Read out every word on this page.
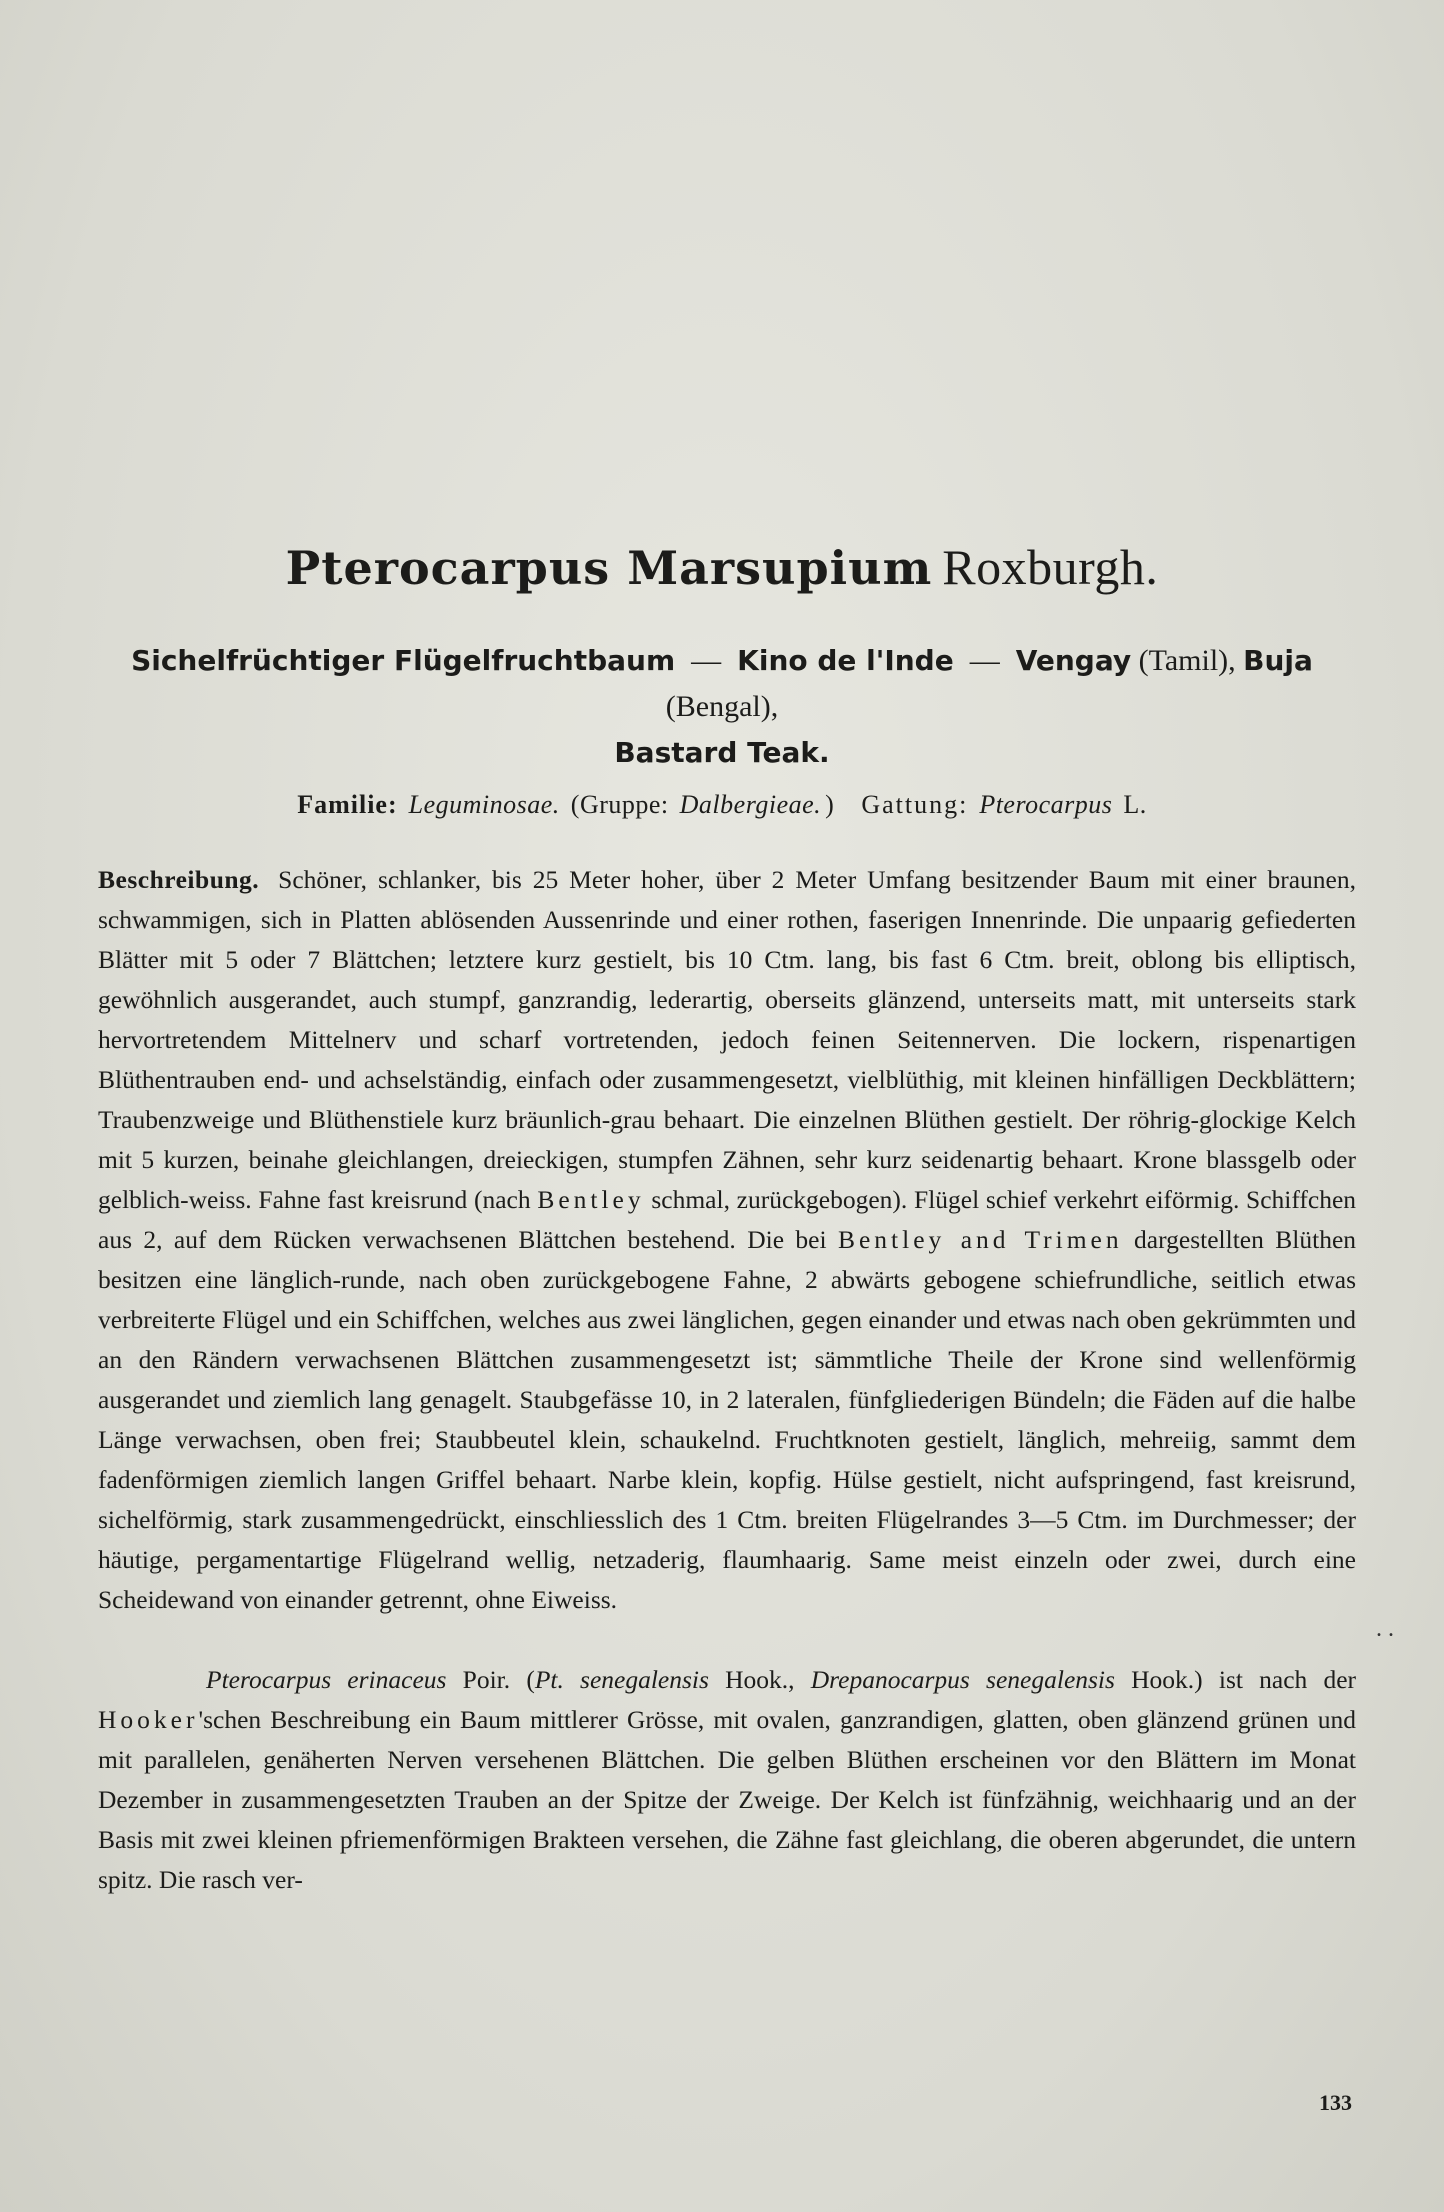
Pterocarpus Marsupium Roxburgh.
Sichelfrüchtiger Flügelfruchtbaum — Kino de l'Inde — Vengay (Tamil), Buja (Bengal),
Bastard Teak.
Familie: Leguminosae. (Gruppe: Dalbergieae. ) Gattung: Pterocarpus L.

Beschreibung. Schöner, schlanker, bis 25 Meter hoher, über 2 Meter Umfang besitzender Baum mit einer braunen, schwammigen, sich in Platten ablösenden Aussenrinde und einer rothen, faserigen Innenrinde. Die unpaarig gefiederten Blätter mit 5 oder 7 Blättchen; letztere kurz gestielt, bis 10 Ctm. lang, bis fast 6 Ctm. breit, oblong bis elliptisch, gewöhnlich ausgerandet, auch stumpf, ganzrandig, lederartig, oberseits glänzend, unterseits matt, mit unterseits stark hervortretendem Mittelnerv und scharf vortretenden, jedoch feinen Seitennerven. Die lockern, rispenartigen Blüthentrauben end- und achselständig, einfach oder zusammengesetzt, vielblüthig, mit kleinen hinfälligen Deckblättern; Traubenzweige und Blüthenstiele kurz bräunlich-grau behaart. Die einzelnen Blüthen gestielt. Der röhrig-glockige Kelch mit 5 kurzen, beinahe gleichlangen, dreieckigen, stumpfen Zähnen, sehr kurz seidenartig behaart. Krone blassgelb oder gelblich-weiss. Fahne fast kreisrund (nach Bentley schmal, zurückgebogen). Flügel schief verkehrt eiförmig. Schiffchen aus 2, auf dem Rücken verwachsenen Blättchen bestehend. Die bei Bentley and Trimen dargestellten Blüthen besitzen eine länglich-runde, nach oben zurückgebogene Fahne, 2 abwärts gebogene schiefrundliche, seitlich etwas verbreiterte Flügel und ein Schiffchen, welches aus zwei länglichen, gegen einander und etwas nach oben gekrümmten und an den Rändern verwachsenen Blättchen zusammengesetzt ist; sämmtliche Theile der Krone sind wellenförmig ausgerandet und ziemlich lang genagelt. Staubgefässe 10, in 2 lateralen, fünfgliederigen Bündeln; die Fäden auf die halbe Länge verwachsen, oben frei; Staubbeutel klein, schaukelnd. Fruchtknoten gestielt, länglich, mehreiig, sammt dem fadenförmigen ziemlich langen Griffel behaart. Narbe klein, kopfig. Hülse gestielt, nicht aufspringend, fast kreisrund, sichelförmig, stark zusammengedrückt, einschliesslich des 1 Ctm. breiten Flügelrandes 3—5 Ctm. im Durchmesser; der häutige, pergamentartige Flügelrand wellig, netzaderig, flaumhaarig. Same meist einzeln oder zwei, durch eine Scheidewand von einander getrennt, ohne Eiweiss.

Pterocarpus erinaceus Poir. (Pt. senegalensis Hook., Drepanocarpus senegalensis Hook.) ist nach der Hooker'schen Beschreibung ein Baum mittlerer Grösse, mit ovalen, ganzrandigen, glatten, oben glänzend grünen und mit parallelen, genäherten Nerven versehenen Blättchen. Die gelben Blüthen erscheinen vor den Blättern im Monat Dezember in zusammengesetzten Trauben an der Spitze der Zweige. Der Kelch ist fünfzähnig, weichhaarig und an der Basis mit zwei kleinen pfriemenförmigen Brakteen versehen, die Zähne fast gleichlang, die oberen abgerundet, die untern spitz. Die rasch ver-

. .
133
